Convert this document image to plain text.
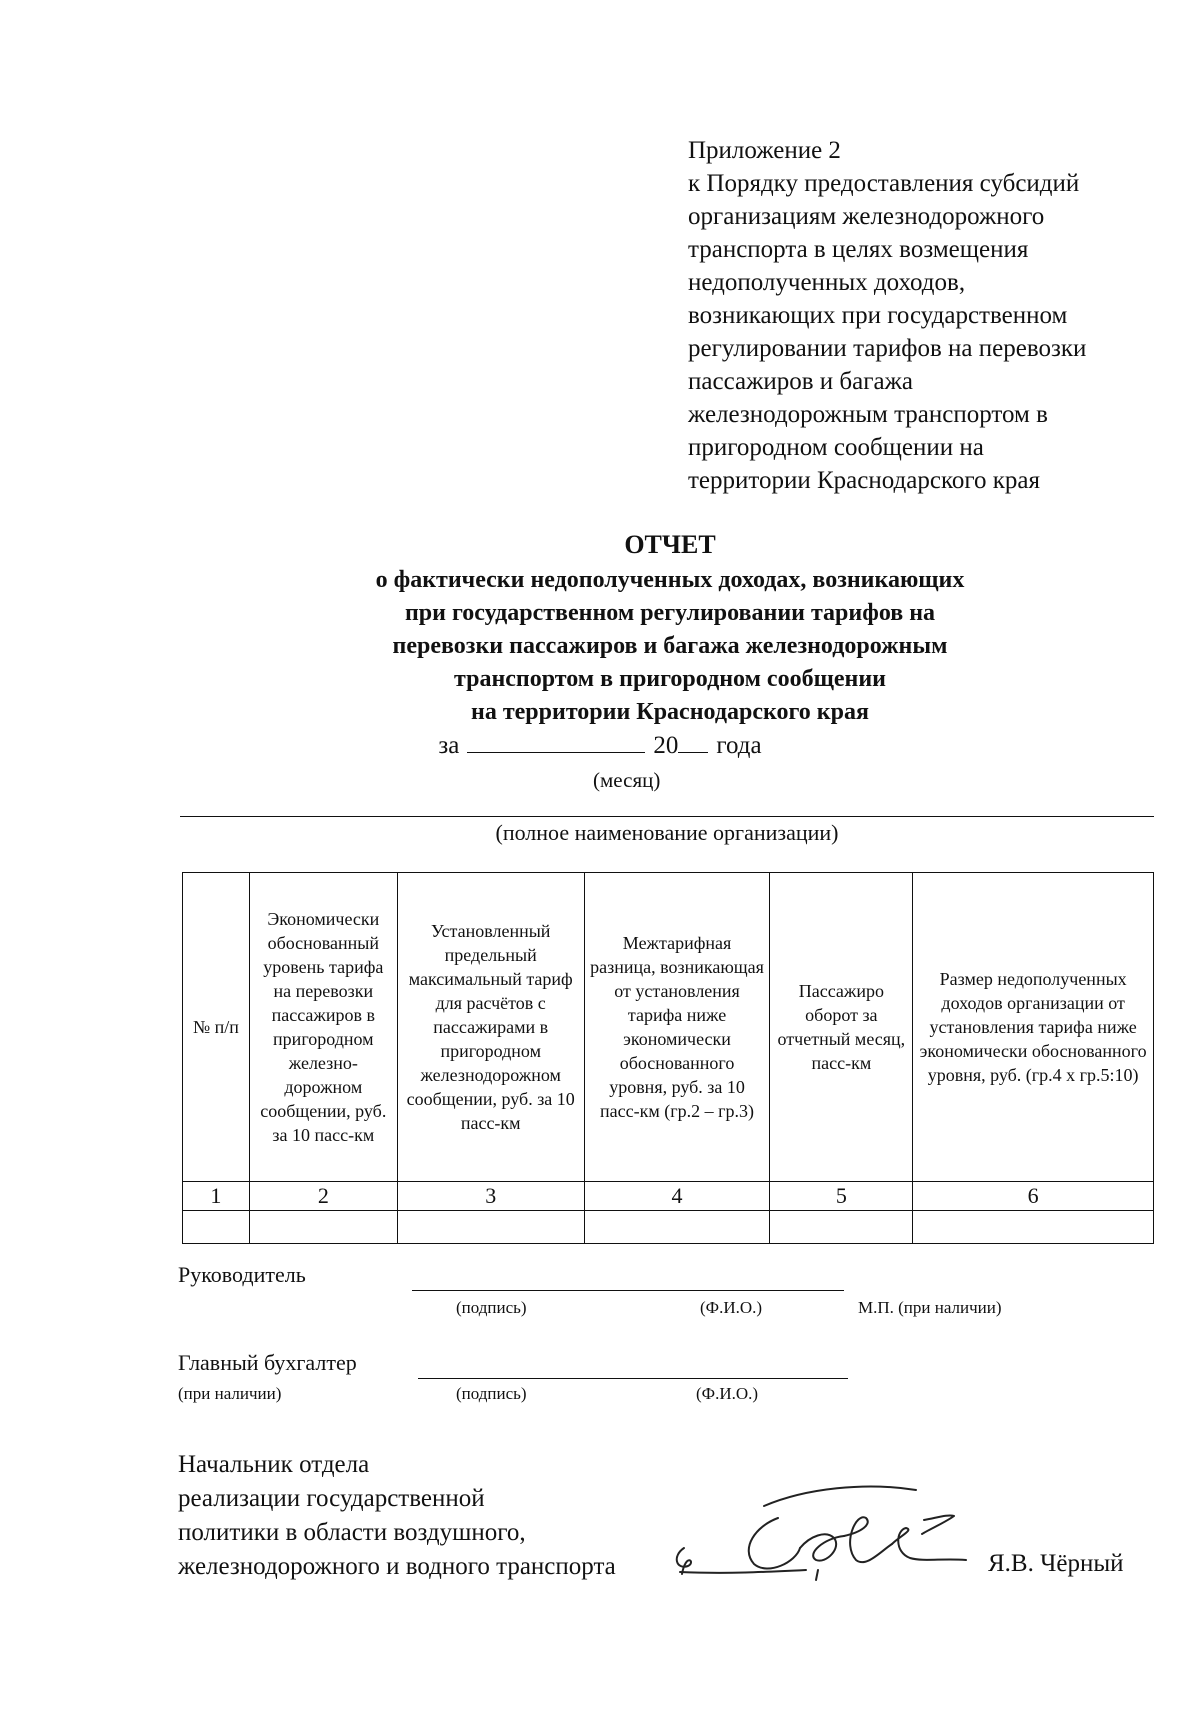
Приложение 2
к Порядку предоставления субсидий
организациям железнодорожного
транспорта в целях возмещения
недополученных доходов,
возникающих при государственном
регулировании тарифов на перевозки
пассажиров и багажа
железнодорожным транспортом в
пригородном сообщении на
территории Краснодарского края
ОТЧЕТ
о фактически недополученных доходах, возникающих
при государственном регулировании тарифов на
перевозки пассажиров и багажа железнодорожным
транспортом в пригородном сообщении
на территории Краснодарского края
за	20 года
(месяц)
(полное наименование организации)
№ п/п	Экономически обоснованный уровень тарифа на перевозки пассажиров в пригородном железно-дорожном сообщении, руб. за 10 пасс-км	Установленный предельный максимальный тариф для расчётов с пассажирами в пригородном железнодорожном сообщении, руб. за 10 пасс-км	Межтарифная разница, возникающая от установления тарифа ниже экономически обоснованного уровня, руб. за 10 пасс-км (гр.2 – гр.3)	Пассажиро оборот за отчетный месяц, пасс-км	Размер недополученных доходов организации от установления тарифа ниже экономически обоснованного уровня, руб. (гр.4 х гр.5:10)
1	2	3	4	5	6

Руководитель
(подпись)	(Ф.И.О.)	М.П. (при наличии)
Главный бухгалтер
(при наличии)	(подпись)	(Ф.И.О.)
Начальник отдела
реализации государственной
политики в области воздушного,
железнодорожного и водного транспорта	Я.В. Чёрный
